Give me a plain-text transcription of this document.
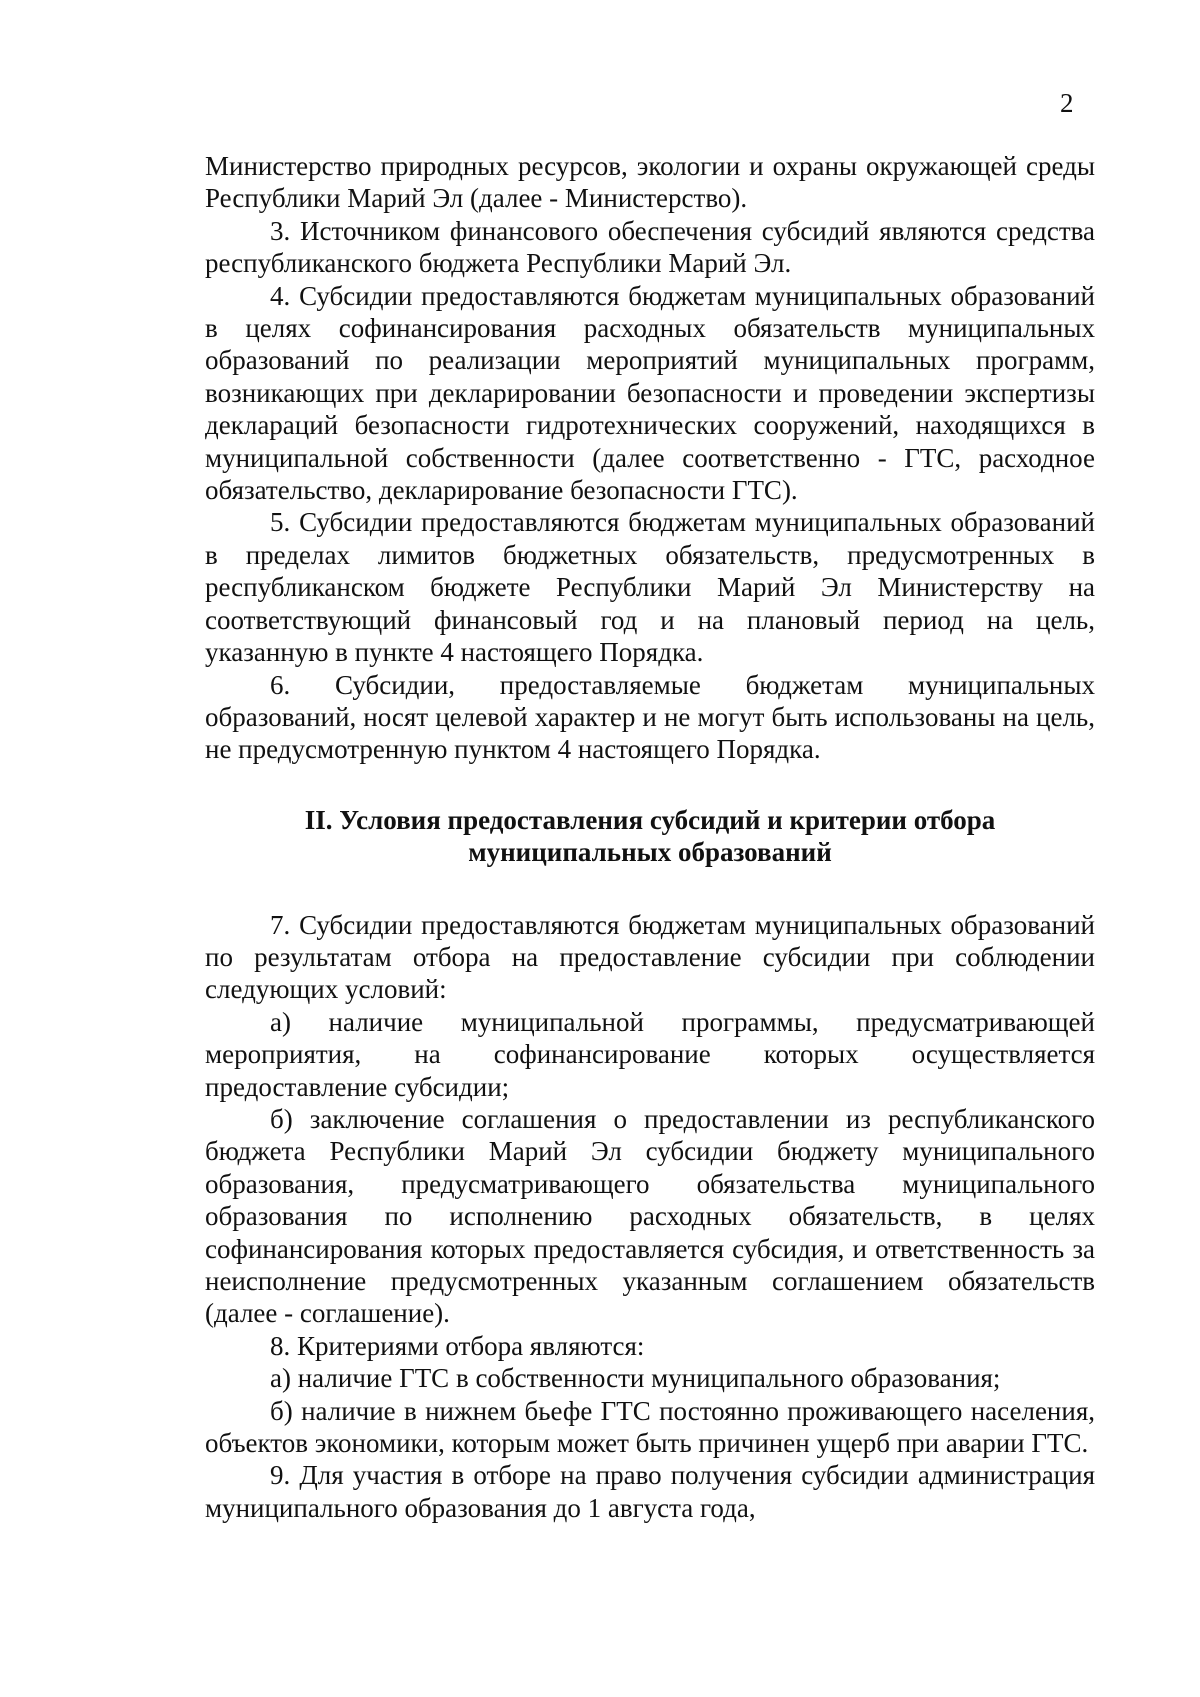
2

Министерство природных ресурсов, экологии и охраны окружающей среды Республики Марий Эл (далее - Министерство).

3. Источником финансового обеспечения субсидий являются средства республиканского бюджета Республики Марий Эл.

4. Субсидии предоставляются бюджетам муниципальных образований в целях софинансирования расходных обязательств муниципальных образований по реализации мероприятий муниципальных программ, возникающих при декларировании безопасности и проведении экспертизы деклараций безопасности гидротехнических сооружений, находящихся в муниципальной собственности (далее соответственно - ГТС, расходное обязательство, декларирование безопасности ГТС).

5. Субсидии предоставляются бюджетам муниципальных образований в пределах лимитов бюджетных обязательств, предусмотренных в республиканском бюджете Республики Марий Эл Министерству на соответствующий финансовый год и на плановый период на цель, указанную в пункте 4 настоящего Порядка.

6. Субсидии, предоставляемые бюджетам муниципальных образований, носят целевой характер и не могут быть использованы на цель, не предусмотренную пунктом 4 настоящего Порядка.

II. Условия предоставления субсидий и критерии отбора
муниципальных образований

7. Субсидии предоставляются бюджетам муниципальных образований по результатам отбора на предоставление субсидии при соблюдении следующих условий:

а) наличие муниципальной программы, предусматривающей мероприятия, на софинансирование которых осуществляется предоставление субсидии;

б) заключение соглашения о предоставлении из республиканского бюджета Республики Марий Эл субсидии бюджету муниципального образования, предусматривающего обязательства муниципального образования по исполнению расходных обязательств, в целях софинансирования которых предоставляется субсидия, и ответственность за неисполнение предусмотренных указанным соглашением обязательств (далее - соглашение).

8. Критериями отбора являются:

а) наличие ГТС в собственности муниципального образования;

б) наличие в нижнем бьефе ГТС постоянно проживающего населения, объектов экономики, которым может быть причинен ущерб при аварии ГТС.

9. Для участия в отборе на право получения субсидии администрация муниципального образования до 1 августа года,
